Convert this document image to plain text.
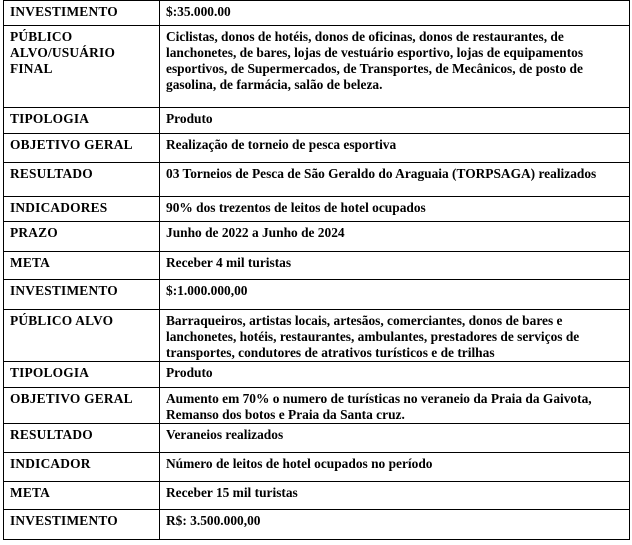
INVESTIMENTO	$:35.000.00
PÚBLICO ALVO/USUÁRIO FINAL	Ciclistas, donos de hotéis, donos de oficinas, donos de restaurantes, de lanchonetes, de bares, lojas de vestuário esportivo, lojas de equipamentos esportivos, de Supermercados, de Transportes, de Mecânicos, de posto de gasolina, de farmácia, salão de beleza.
TIPOLOGIA	Produto
OBJETIVO GERAL	Realização de torneio de pesca esportiva
RESULTADO	03 Torneios de Pesca de São Geraldo do Araguaia (TORPSAGA) realizados
INDICADORES	90% dos trezentos de leitos de hotel ocupados
PRAZO	Junho de 2022 a Junho de 2024
META	Receber 4 mil turistas
INVESTIMENTO	$:1.000.000,00
PÚBLICO ALVO	Barraqueiros, artistas locais, artesãos, comerciantes, donos de bares e lanchonetes, hotéis, restaurantes, ambulantes, prestadores de serviços de transportes, condutores de atrativos turísticos e de trilhas
TIPOLOGIA	Produto
OBJETIVO GERAL	Aumento em 70% o numero de turísticas no veraneio da Praia da Gaivota, Remanso dos botos e Praia da Santa cruz.
RESULTADO	Veraneios realizados
INDICADOR	Número de leitos de hotel ocupados no período
META	Receber 15 mil turistas
INVESTIMENTO	R$: 3.500.000,00
